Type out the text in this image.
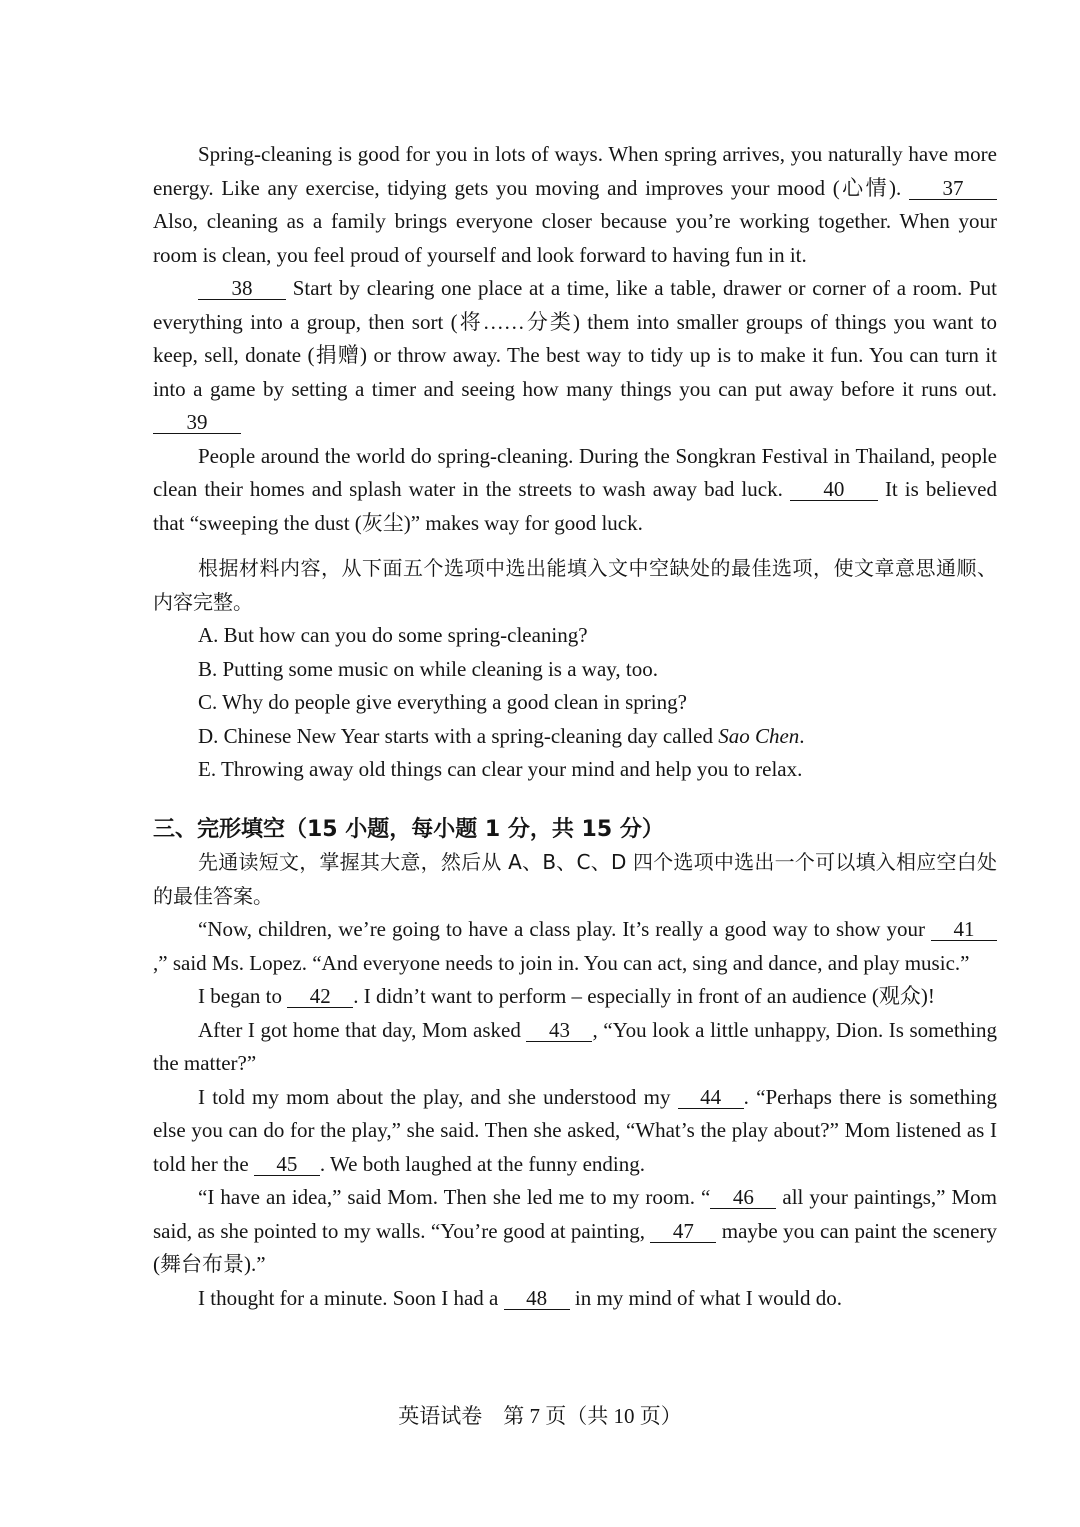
Spring-cleaning is good for you in lots of ways. When spring arrives, you naturally have more energy. Like any exercise, tidying gets you moving and improves your mood (心情). 37 Also, cleaning as a family brings everyone closer because you’re working together. When your room is clean, you feel proud of yourself and look forward to having fun in it.

38 Start by clearing one place at a time, like a table, drawer or corner of a room. Put everything into a group, then sort (将……分类) them into smaller groups of things you want to keep, sell, donate (捐赠) or throw away. The best way to tidy up is to make it fun. You can turn it into a game by setting a timer and seeing how many things you can put away before it runs out. 39

People around the world do spring-cleaning. During the Songkran Festival in Thailand, people clean their homes and splash water in the streets to wash away bad luck. 40 It is believed that “sweeping the dust (灰尘)” makes way for good luck.

根据材料内容，从下面五个选项中选出能填入文中空缺处的最佳选项，使文章意思通顺、内容完整。

A. But how can you do some spring-cleaning?

B. Putting some music on while cleaning is a way, too.

C. Why do people give everything a good clean in spring?

D. Chinese New Year starts with a spring-cleaning day called Sao Chen.

E. Throwing away old things can clear your mind and help you to relax.

三、完形填空（15 小题，每小题 1 分，共 15 分）

先通读短文，掌握其大意，然后从 A、B、C、D 四个选项中选出一个可以填入相应空白处的最佳答案。

“Now, children, we’re going to have a class play. It’s really a good way to show your 41,” said Ms. Lopez. “And everyone needs to join in. You can act, sing and dance, and play music.”

I began to 42 . I didn’t want to perform – especially in front of an audience (观众)!

After I got home that day, Mom asked 43 , “You look a little unhappy, Dion. Is something the matter?”

I told my mom about the play, and she understood my 44 . “Perhaps there is something else you can do for the play,” she said. Then she asked, “What’s the play about?” Mom listened as I told her the 45 . We both laughed at the funny ending.

“I have an idea,” said Mom. Then she led me to my room. “ 46 all your paintings,” Mom said, as she pointed to my walls. “You’re good at painting, 47 maybe you can paint the scenery (舞台布景).”

I thought for a minute. Soon I had a 48 in my mind of what I would do.

英语试卷　第 7 页（共 10 页）
